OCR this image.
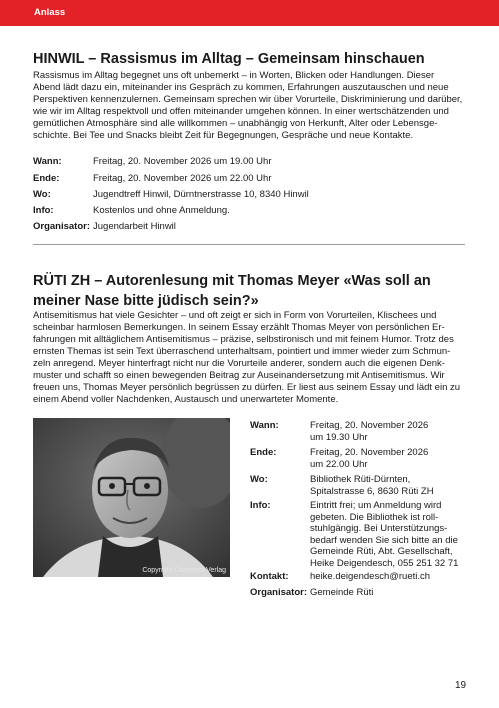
Anlass
HINWIL – Rassismus im Alltag – Gemeinsam hinschauen
Rassismus im Alltag begegnet uns oft unbemerkt – in Worten, Blicken oder Handlungen. Dieser
Abend lädt dazu ein, miteinander ins Gespräch zu kommen, Erfahrungen auszutauschen und neue
Perspektiven kennenzulernen. Gemeinsam sprechen wir über Vorurteile, Diskriminierung und darüber,
wie wir im Alltag respektvoll und offen miteinander umgehen können. In einer wertschätzenden und
gemütlichen Atmosphäre sind alle willkommen – unabhängig von Herkunft, Alter oder Lebensge-
schichte. Bei Tee und Snacks bleibt Zeit für Begegnungen, Gespräche und neue Kontakte.
Wann:	Freitag, 20. November 2026 um 19.00 Uhr
Ende:	Freitag, 20. November 2026 um 22.00 Uhr
Wo:	Jugendtreff Hinwil, Dürntnerstrasse 10, 8340 Hinwil
Info:	Kostenlos und ohne Anmeldung.
Organisator: Jugendarbeit Hinwil
RÜTI ZH – Autorenlesung mit Thomas Meyer «Was soll an meiner Nase bitte jüdisch sein?»
Antisemitismus hat viele Gesichter – und oft zeigt er sich in Form von Vorurteilen, Klischees und
scheinbar harmlosen Bemerkungen. In seinem Essay erzählt Thomas Meyer von persönlichen Er-
fahrungen mit alltäglichem Antisemitismus – präzise, selbstironisch und mit feinem Humor. Trotz des
ernsten Themas ist sein Text überraschend unterhaltsam, pointiert und immer wieder zum Schmun-
zeln anregend. Meyer hinterfragt nicht nur die Vorurteile anderer, sondern auch die eigenen Denk-
muster und schafft so einen bewegenden Beitrag zur Auseinandersetzung mit Antisemitismus. Wir
freuen uns, Thomas Meyer persönlich begrüssen zu dürfen. Er liest aus seinem Essay und lädt ein zu
einem Abend voller Nachdenken, Austausch und unerwarteter Momente.
Copyright Diogenes-Verlag
Wann:	Freitag, 20. November 2026
um 19.30 Uhr
Ende:	Freitag, 20. November 2026
um 22.00 Uhr
Wo:	Bibliothek Rüti-Dürnten,
Spitalstrasse 6, 8630 Rüti ZH
Info:	Eintritt frei; um Anmeldung wird
gebeten. Die Bibliothek ist roll-
stuhlgängig. Bei Unterstützungs-
bedarf wenden Sie sich bitte an die
Gemeinde Rüti, Abt. Gesellschaft,
Heike Deigendesch, 055 251 32 71
Kontakt: heike.deigendesch@rueti.ch
Organisator: Gemeinde Rüti
19
